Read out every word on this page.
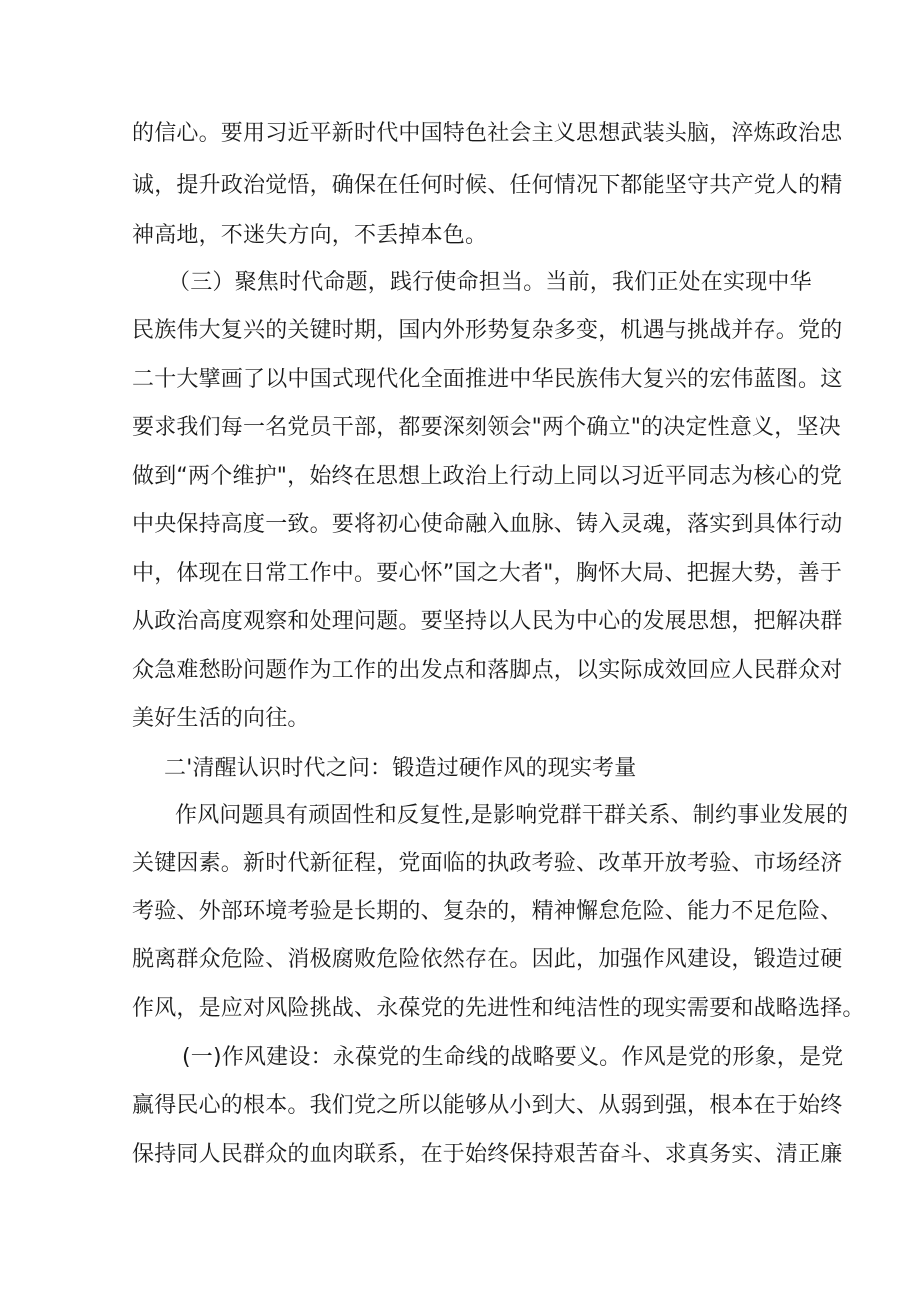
的信心。要用习近平新时代中国特色社会主义思想武装头脑，淬炼政治忠
诚，提升政治觉悟，确保在任何时候、任何情况下都能坚守共产党人的精
神高地，不迷失方向，不丢掉本色。
（三）聚焦时代命题，践行使命担当。当前，我们正处在实现中华
民族伟大复兴的关键时期，国内外形势复杂多变，机遇与挑战并存。党的
二十大擘画了以中国式现代化全面推进中华民族伟大复兴的宏伟蓝图。这
要求我们每一名党员干部，都要深刻领会"两个确立"的决定性意义，坚决
做到“两个维护"，始终在思想上政治上行动上同以习近平同志为核心的党
中央保持高度一致。要将初心使命融入血脉、铸入灵魂，落实到具体行动
中，体现在日常工作中。要心怀”国之大者"，胸怀大局、把握大势，善于
从政治高度观察和处理问题。要坚持以人民为中心的发展思想，把解决群
众急难愁盼问题作为工作的出发点和落脚点，以实际成效回应人民群众对
美好生活的向往。
二'清醒认识时代之问：锻造过硬作风的现实考量
作风问题具有顽固性和反复性,是影响党群干群关系、制约事业发展的
关键因素。新时代新征程，党面临的执政考验、改革开放考验、市场经济
考验、外部环境考验是长期的、复杂的，精神懈怠危险、能力不足危险、
脱离群众危险、消极腐败危险依然存在。因此，加强作风建设，锻造过硬
作风，是应对风险挑战、永葆党的先进性和纯洁性的现实需要和战略选择。
(一)作风建设：永葆党的生命线的战略要义。作风是党的形象，是党
赢得民心的根本。我们党之所以能够从小到大、从弱到强，根本在于始终
保持同人民群众的血肉联系，在于始终保持艰苦奋斗、求真务实、清正廉
